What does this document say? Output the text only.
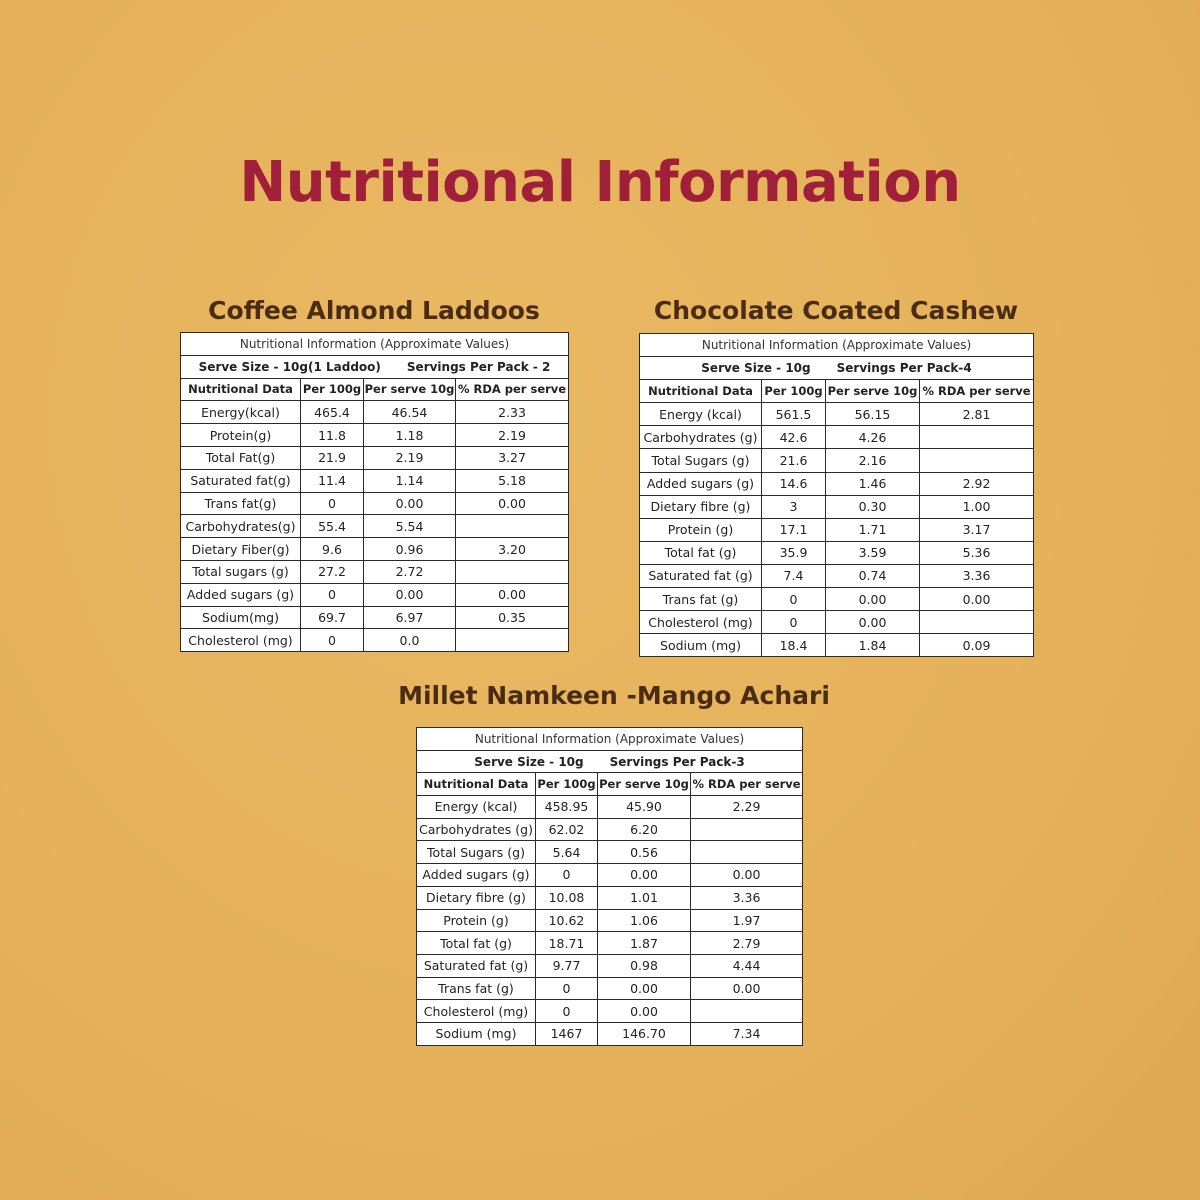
Nutritional Information
Coffee Almond Laddoos
Nutritional Information (Approximate Values)			
Serve Size - 10g(1 Laddoo) Servings Per Pack - 2			
Nutritional Data	Per 100g	Per serve 10g	% RDA per serve
Energy(kcal)	465.4	46.54	2.33
Protein(g)	11.8	1.18	2.19
Total Fat(g)	21.9	2.19	3.27
Saturated fat(g)	11.4	1.14	5.18
Trans fat(g)	0	0.00	0.00
Carbohydrates(g)	55.4	5.54	
Dietary Fiber(g)	9.6	0.96	3.20
Total sugars (g)	27.2	2.72	
Added sugars (g)	0	0.00	0.00
Sodium(mg)	69.7	6.97	0.35
Cholesterol (mg)	0	0.0	
Chocolate Coated Cashew
Nutritional Information (Approximate Values)			
Serve Size - 10g Servings Per Pack-4			
Nutritional Data	Per 100g	Per serve 10g	% RDA per serve
Energy (kcal)	561.5	56.15	2.81
Carbohydrates (g)	42.6	4.26	
Total Sugars (g)	21.6	2.16	
Added sugars (g)	14.6	1.46	2.92
Dietary fibre (g)	3	0.30	1.00
Protein (g)	17.1	1.71	3.17
Total fat (g)	35.9	3.59	5.36
Saturated fat (g)	7.4	0.74	3.36
Trans fat (g)	0	0.00	0.00
Cholesterol (mg)	0	0.00	
Sodium (mg)	18.4	1.84	0.09
Millet Namkeen -Mango Achari
Nutritional Information (Approximate Values)			
Serve Size - 10g Servings Per Pack-3			
Nutritional Data	Per 100g	Per serve 10g	% RDA per serve
Energy (kcal)	458.95	45.90	2.29
Carbohydrates (g)	62.02	6.20	
Total Sugars (g)	5.64	0.56	
Added sugars (g)	0	0.00	0.00
Dietary fibre (g)	10.08	1.01	3.36
Protein (g)	10.62	1.06	1.97
Total fat (g)	18.71	1.87	2.79
Saturated fat (g)	9.77	0.98	4.44
Trans fat (g)	0	0.00	0.00
Cholesterol (mg)	0	0.00	
Sodium (mg)	1467	146.70	7.34
